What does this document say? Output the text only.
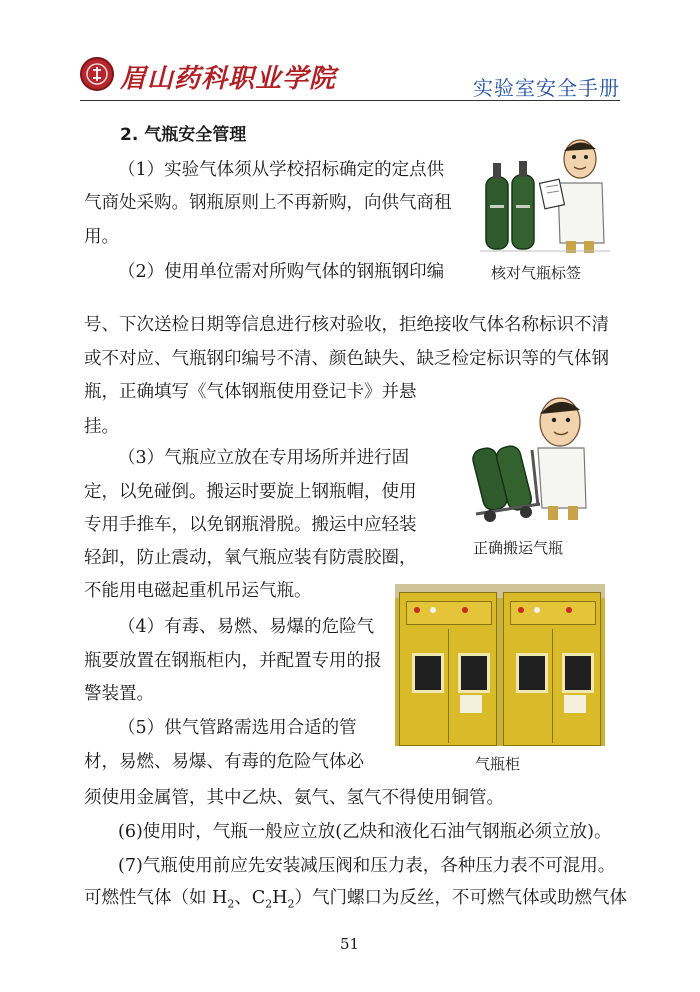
眉山药科职业学院	实验室安全手册
2. 气瓶安全管理
（1）实验气体须从学校招标确定的定点供
气商处采购。钢瓶原则上不再新购，向供气商租
用。
（2）使用单位需对所购气体的钢瓶钢印编
号、下次送检日期等信息进行核对验收，拒绝接收气体名称标识不清
或不对应、气瓶钢印编号不清、颜色缺失、缺乏检定标识等的气体钢
瓶，正确填写《气体钢瓶使用登记卡》并悬
挂。
（3）气瓶应立放在专用场所并进行固
定，以免碰倒。搬运时要旋上钢瓶帽，使用
专用手推车，以免钢瓶滑脱。搬运中应轻装
轻卸，防止震动，氧气瓶应装有防震胶圈，
不能用电磁起重机吊运气瓶。
（4）有毒、易燃、易爆的危险气
瓶要放置在钢瓶柜内，并配置专用的报
警装置。
（5）供气管路需选用合适的管
材，易燃、易爆、有毒的危险气体必
须使用金属管，其中乙炔、氨气、氢气不得使用铜管。
(6)使用时，气瓶一般应立放(乙炔和液化石油气钢瓶必须立放)。
(7)气瓶使用前应先安装减压阀和压力表，各种压力表不可混用。
可燃性气体（如 $H_2$、$C_2H_2$）气门螺口为反丝，不可燃气体或助燃气体
核对气瓶标签
正确搬运气瓶
气瓶柜
51
